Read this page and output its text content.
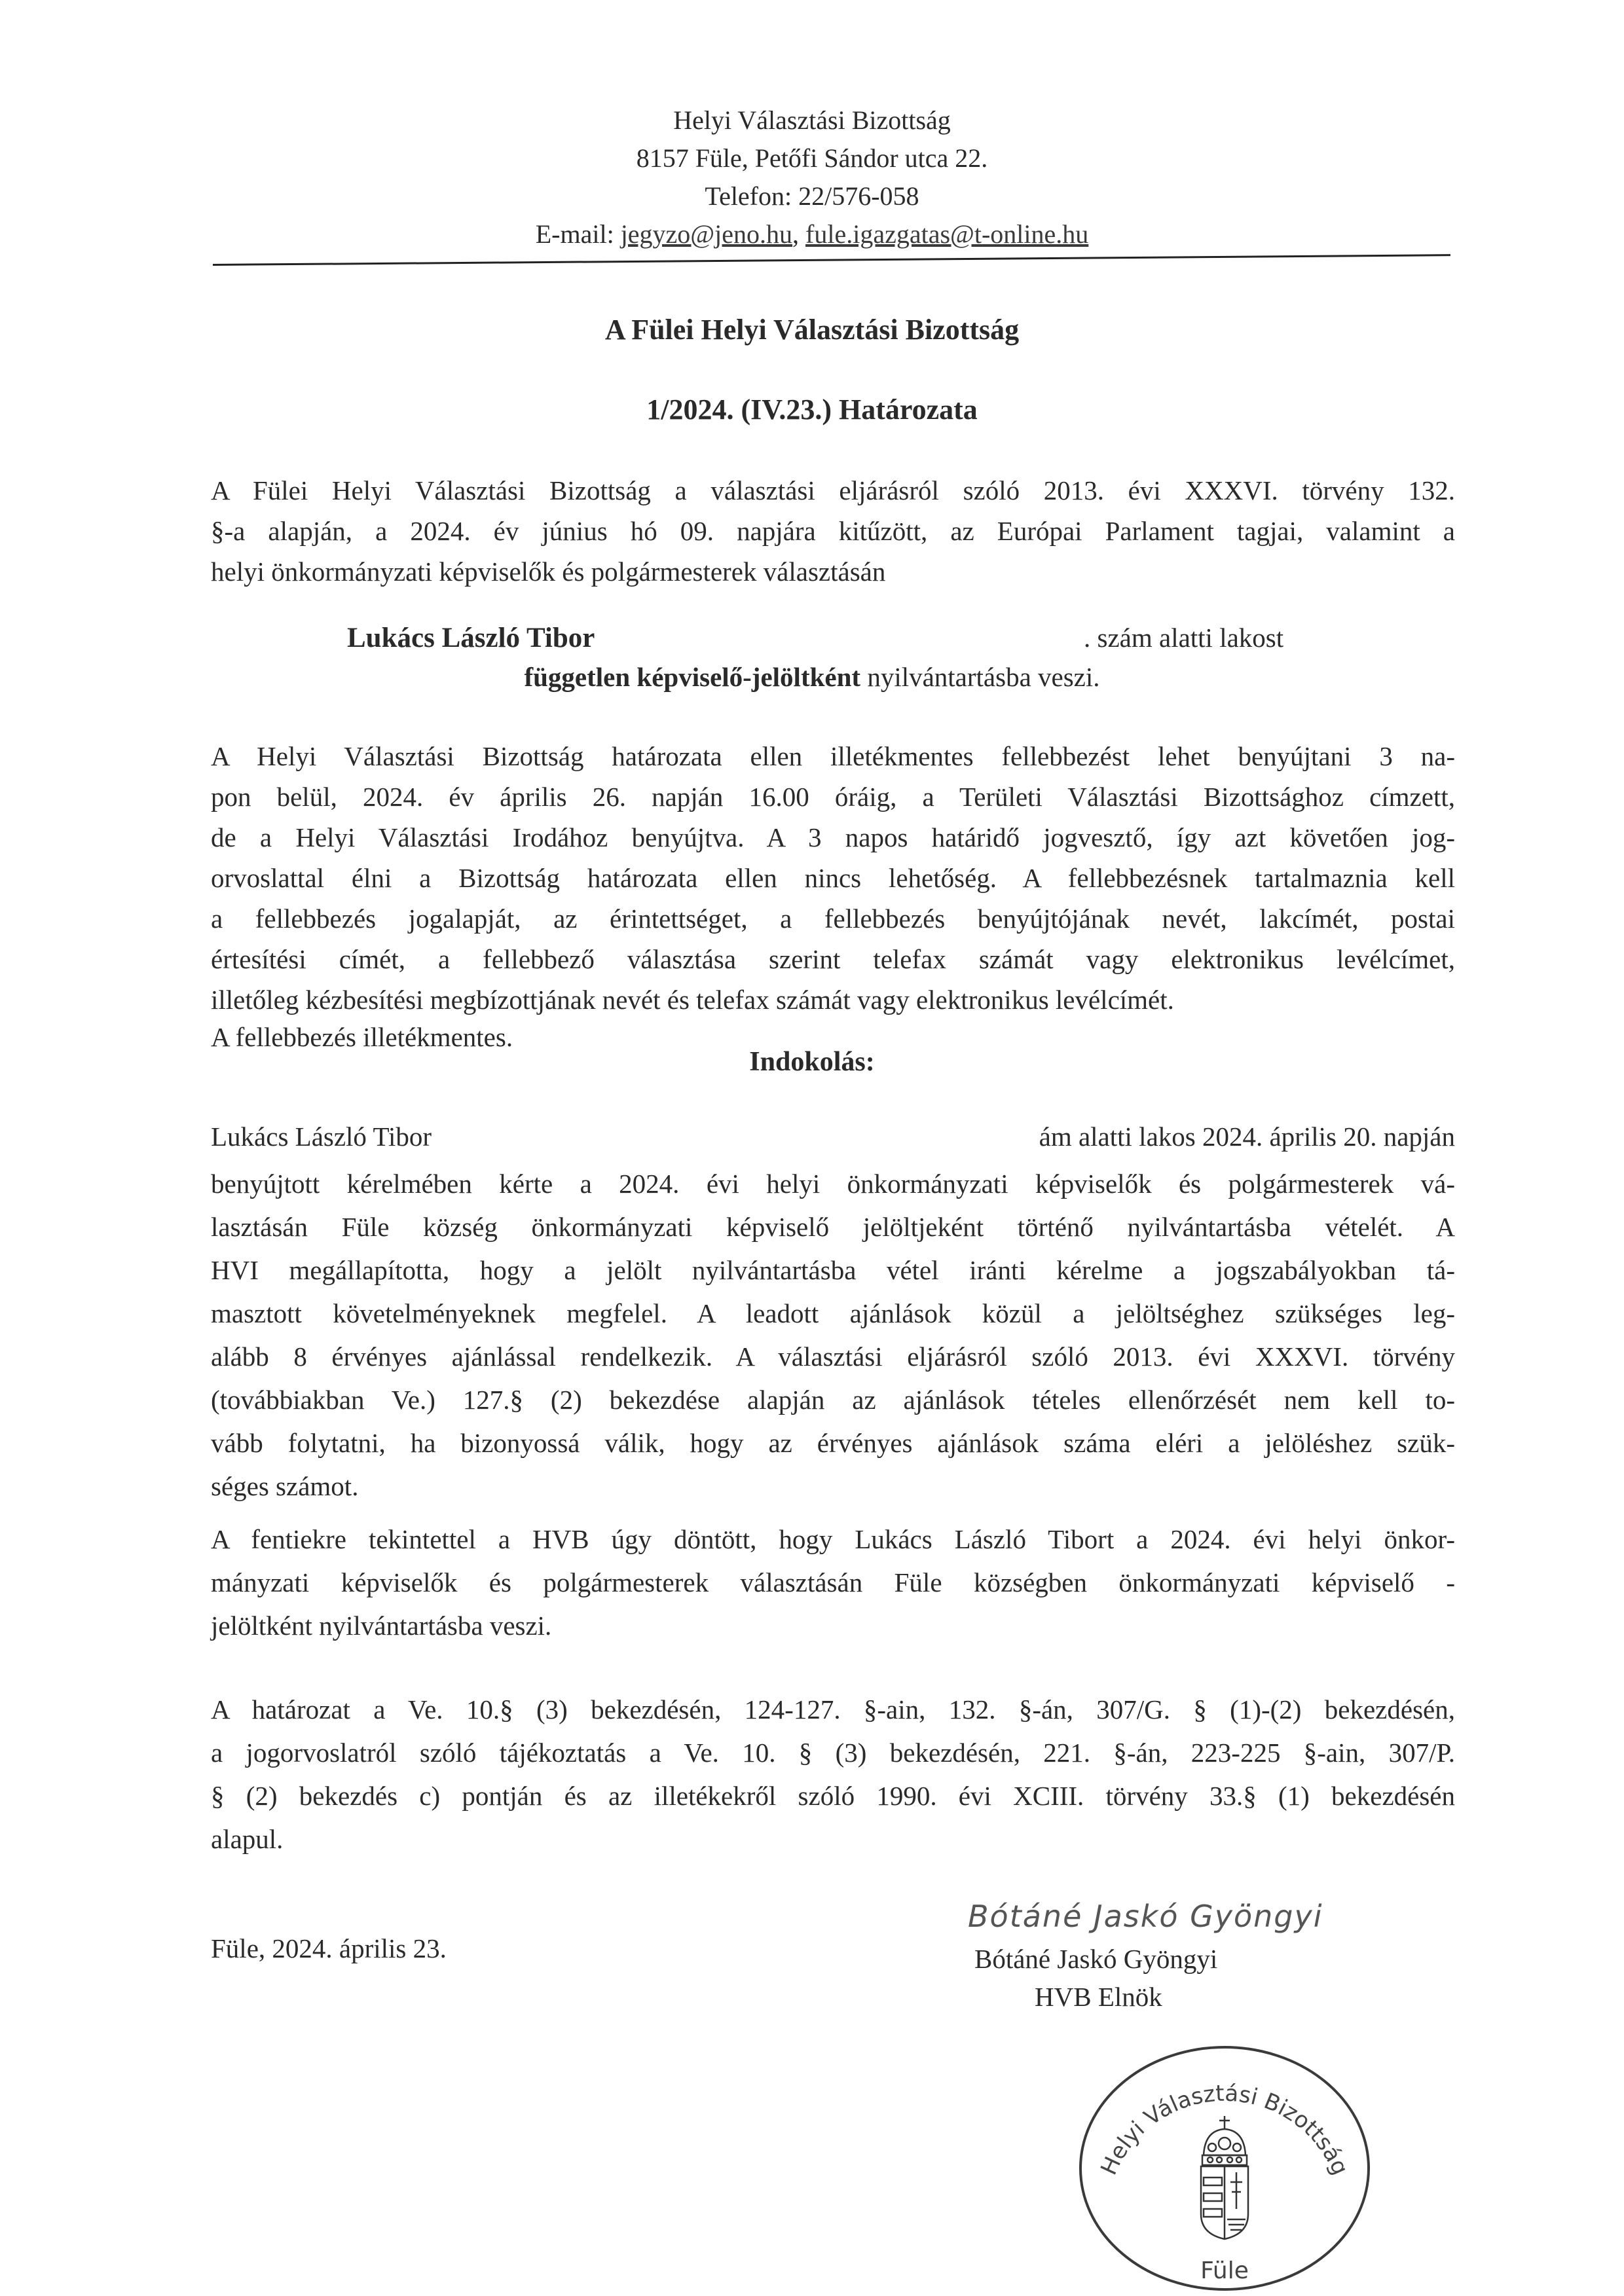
Helyi Választási Bizottság
8157 Füle, Petőfi Sándor utca 22.
Telefon: 22/576-058
E-mail: jegyzo@jeno.hu, fule.igazgatas@t-online.hu
A Fülei Helyi Választási Bizottság
1/2024. (IV.23.) Határozata
A Fülei Helyi Választási Bizottság a választási eljárásról szóló 2013. évi XXXVI. törvény 132.
§-a alapján, a 2024. év június hó 09. napjára kitűzött, az Európai Parlament tagjai, valamint a
helyi önkormányzati képviselők és polgármesterek választásán
Lukács László Tibor	. szám alatti lakost
független képviselő-jelöltként nyilvántartásba veszi.
A Helyi Választási Bizottság határozata ellen illetékmentes fellebbezést lehet benyújtani 3 na-
pon belül, 2024. év április 26. napján 16.00 óráig, a Területi Választási Bizottsághoz címzett,
de a Helyi Választási Irodához benyújtva. A 3 napos határidő jogvesztő, így azt követően jog-
orvoslattal élni a Bizottság határozata ellen nincs lehetőség. A fellebbezésnek tartalmaznia kell
a fellebbezés jogalapját, az érintettséget, a fellebbezés benyújtójának nevét, lakcímét, postai
értesítési címét, a fellebbező választása szerint telefax számát vagy elektronikus levélcímet,
illetőleg kézbesítési megbízottjának nevét és telefax számát vagy elektronikus levélcímét.
A fellebbezés illetékmentes.
Indokolás:
Lukács László Tibor	ám alatti lakos 2024. április 20. napján
benyújtott kérelmében kérte a 2024. évi helyi önkormányzati képviselők és polgármesterek vá-
lasztásán Füle község önkormányzati képviselő jelöltjeként történő nyilvántartásba vételét. A
HVI megállapította, hogy a jelölt nyilvántartásba vétel iránti kérelme a jogszabályokban tá-
masztott követelményeknek megfelel. A leadott ajánlások közül a jelöltséghez szükséges leg-
alább 8 érvényes ajánlással rendelkezik. A választási eljárásról szóló 2013. évi XXXVI. törvény
(továbbiakban Ve.) 127.§ (2) bekezdése alapján az ajánlások tételes ellenőrzését nem kell to-
vább folytatni, ha bizonyossá válik, hogy az érvényes ajánlások száma eléri a jelöléshez szük-
séges számot.
A fentiekre tekintettel a HVB úgy döntött, hogy Lukács László Tibort a 2024. évi helyi önkor-
mányzati képviselők és polgármesterek választásán Füle községben önkormányzati képviselő -
jelöltként nyilvántartásba veszi.
A határozat a Ve. 10.§ (3) bekezdésén, 124-127. §-ain, 132. §-án, 307/G. § (1)-(2) bekezdésén,
a jogorvoslatról szóló tájékoztatás a Ve. 10. § (3) bekezdésén, 221. §-án, 223-225 §-ain, 307/P.
§ (2) bekezdés c) pontján és az illetékekről szóló 1990. évi XCIII. törvény 33.§ (1) bekezdésén
alapul.
Füle, 2024. április 23.
Bótáné Jaskó Gyöngyi
Bótáné Jaskó Gyöngyi
HVB Elnök
Helyi Választási Bizottság
Füle
